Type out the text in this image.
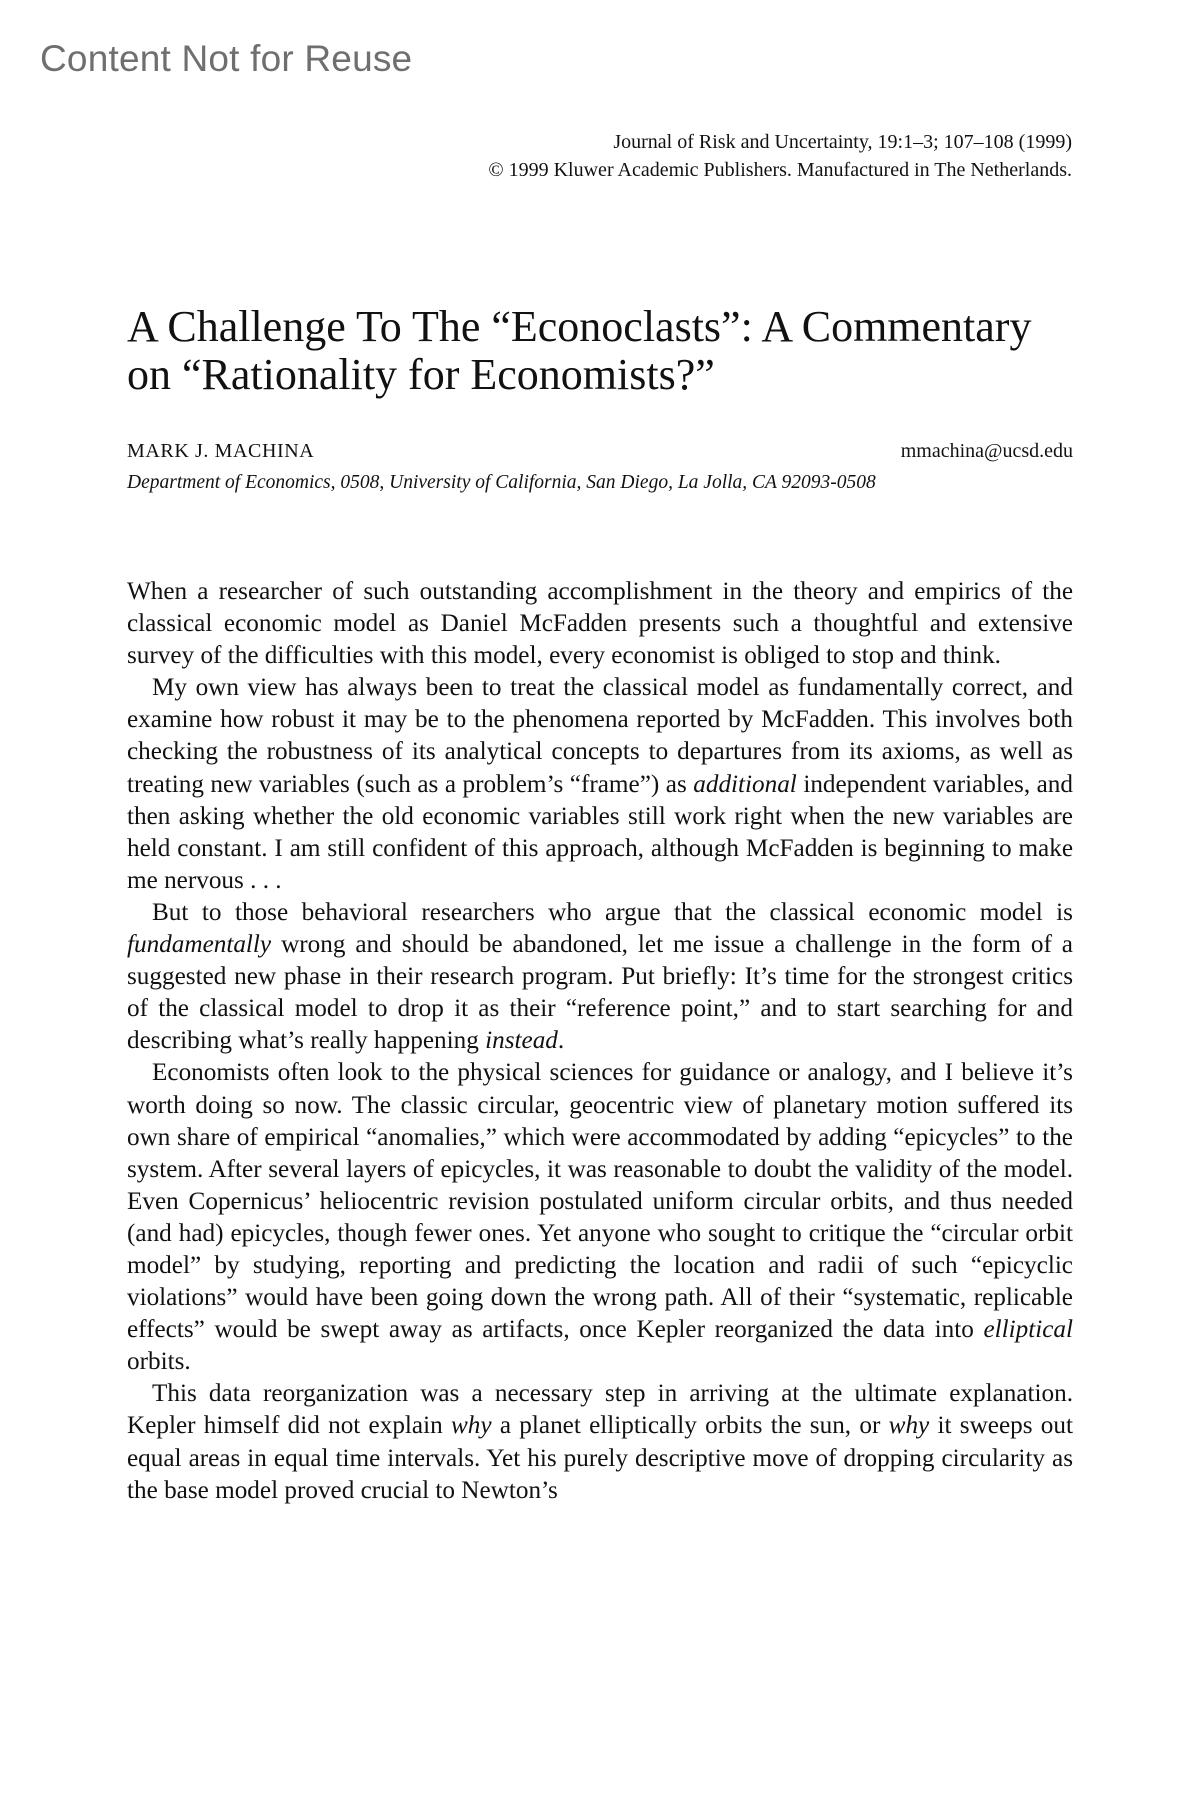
Content Not for Reuse
Journal of Risk and Uncertainty, 19:1–3; 107–108 (1999)
© 1999 Kluwer Academic Publishers. Manufactured in The Netherlands.
A Challenge To The “Econoclasts”: A Commentary
on “Rationality for Economists?”
MARK J. MACHINA	mmachina@ucsd.edu
Department of Economics, 0508, University of California, San Diego, La Jolla, CA 92093-0508

When a researcher of such outstanding accomplishment in the theory and empirics of the classical economic model as Daniel McFadden presents such a thoughtful and extensive survey of the difficulties with this model, every economist is obliged to stop and think.

My own view has always been to treat the classical model as fundamentally correct, and examine how robust it may be to the phenomena reported by McFadden. This involves both checking the robustness of its analytical concepts to departures from its axioms, as well as treating new variables (such as a problem’s “frame”) as additional independent variables, and then asking whether the old economic variables still work right when the new variables are held constant. I am still confident of this approach, although McFadden is beginning to make me nervous . . .

But to those behavioral researchers who argue that the classical economic model is fundamentally wrong and should be abandoned, let me issue a challenge in the form of a suggested new phase in their research program. Put briefly: It’s time for the strongest critics of the classical model to drop it as their “reference point,” and to start searching for and describing what’s really happening instead.

Economists often look to the physical sciences for guidance or analogy, and I believe it’s worth doing so now. The classic circular, geocentric view of planetary motion suffered its own share of empirical “anomalies,” which were accommodated by adding “epicycles” to the system. After several layers of epicycles, it was reasonable to doubt the validity of the model. Even Copernicus’ heliocentric revision postulated uniform circular orbits, and thus needed (and had) epicycles, though fewer ones. Yet anyone who sought to critique the “circular orbit model” by studying, reporting and predicting the location and radii of such “epicyclic violations” would have been going down the wrong path. All of their “systematic, replicable effects” would be swept away as artifacts, once Kepler reorganized the data into elliptical orbits.

This data reorganization was a necessary step in arriving at the ultimate explanation. Kepler himself did not explain why a planet elliptically orbits the sun, or why it sweeps out equal areas in equal time intervals. Yet his purely descriptive move of dropping circularity as the base model proved crucial to Newton’s
